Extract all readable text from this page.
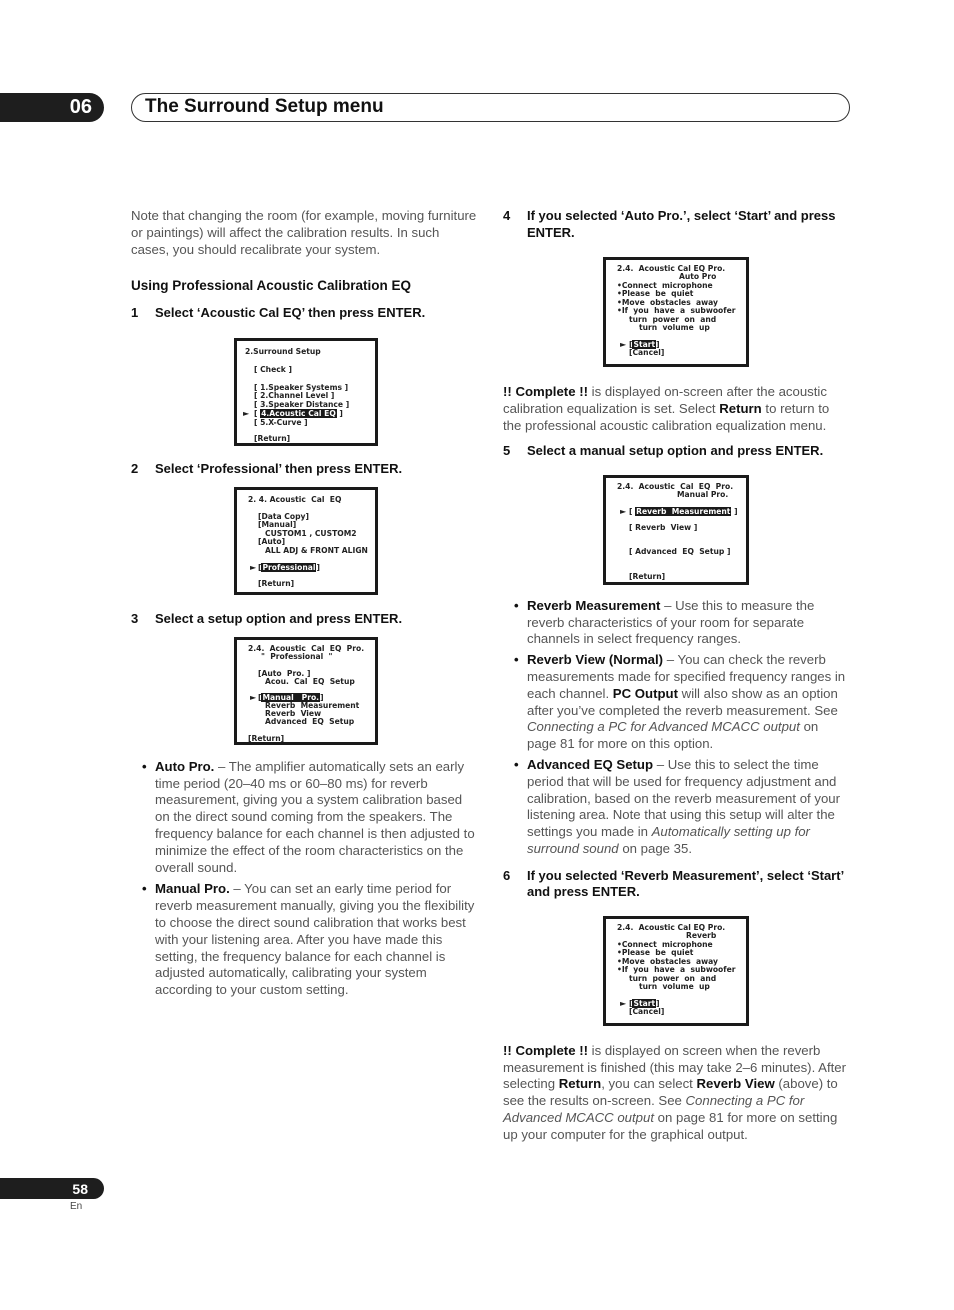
06	The Surround Setup menu

Note that changing the room (for example, moving furniture or paintings) will affect the calibration results. In such cases, you should recalibrate your system.

Using Professional Acoustic Calibration EQ
1	Select ‘Acoustic Cal EQ’ then press ENTER.
2.Surround Setup
[ Check ]
[ 1.Speaker Systems ]
[ 2.Channel Level ]
[ 3.Speaker Distance ]
► [ 4.Acoustic Cal EQ ]
[ 5.X-Curve ]
[Return]
2	Select ‘Professional’ then press ENTER.
2. 4. Acoustic  Cal  EQ
[Data Copy]
[Manual]
CUSTOM1 , CUSTOM2
[Auto]
ALL ADJ & FRONT ALIGN
► [Professional]
[Return]
3	Select a setup option and press ENTER.
2.4.  Acoustic  Cal  EQ  Pro.
"  Professional  "
[Auto  Pro. ]
Acou.  Cal  EQ  Setup
► [Manual   Pro.]
Reverb  Measurement
Reverb  View
Advanced  EQ  Setup
[Return]
• Auto Pro. – The amplifier automatically sets an early time period (20–40 ms or 60–80 ms) for reverb measurement, giving you a system calibration based on the direct sound coming from the speakers. The frequency balance for each channel is then adjusted to minimize the effect of the room characteristics on the overall sound.
• Manual Pro. – You can set an early time period for reverb measurement manually, giving you the flexibility to choose the direct sound calibration that works best with your listening area. After you have made this setting, the frequency balance for each channel is adjusted automatically, calibrating your system according to your custom setting.
4	If you selected ‘Auto Pro.’, select ‘Start’ and press ENTER.
2.4.  Acoustic Cal EQ Pro.
Auto Pro
•Connect  microphone
•Please  be  quiet
•Move  obstacles  away
•If  you  have  a  subwoofer
turn  power  on  and
turn  volume  up
► [Start]
[Cancel]

!! Complete !! is displayed on-screen after the acoustic calibration equalization is set. Select Return to return to the professional acoustic calibration equalization menu.

5	Select a manual setup option and press ENTER.
2.4.  Acoustic  Cal  EQ  Pro.
Manual Pro.
► [ Reverb  Measurement ]
[ Reverb  View ]
[ Advanced  EQ  Setup ]
[Return]
• Reverb Measurement – Use this to measure the reverb characteristics of your room for separate channels in select frequency ranges.
• Reverb View (Normal) – You can check the reverb measurements made for specified frequency ranges in each channel. PC Output will also show as an option after you’ve completed the reverb measurement. See Connecting a PC for Advanced MCACC output on page 81 for more on this option.
• Advanced EQ Setup – Use this to select the time period that will be used for frequency adjustment and calibration, based on the reverb measurement of your listening area. Note that using this setup will alter the settings you made in Automatically setting up for surround sound on page 35.
6	If you selected ‘Reverb Measurement’, select ‘Start’ and press ENTER.
2.4.  Acoustic Cal EQ Pro.
Reverb
•Connect  microphone
•Please  be  quiet
•Move  obstacles  away
•If  you  have  a  subwoofer
turn  power  on  and
turn  volume  up
► [Start]
[Cancel]

!! Complete !! is displayed on screen when the reverb measurement is finished (this may take 2–6 minutes). After selecting Return, you can select Reverb View (above) to see the results on-screen. See Connecting a PC for Advanced MCACC output on page 81 for more on setting up your computer for the graphical output.

58
En
